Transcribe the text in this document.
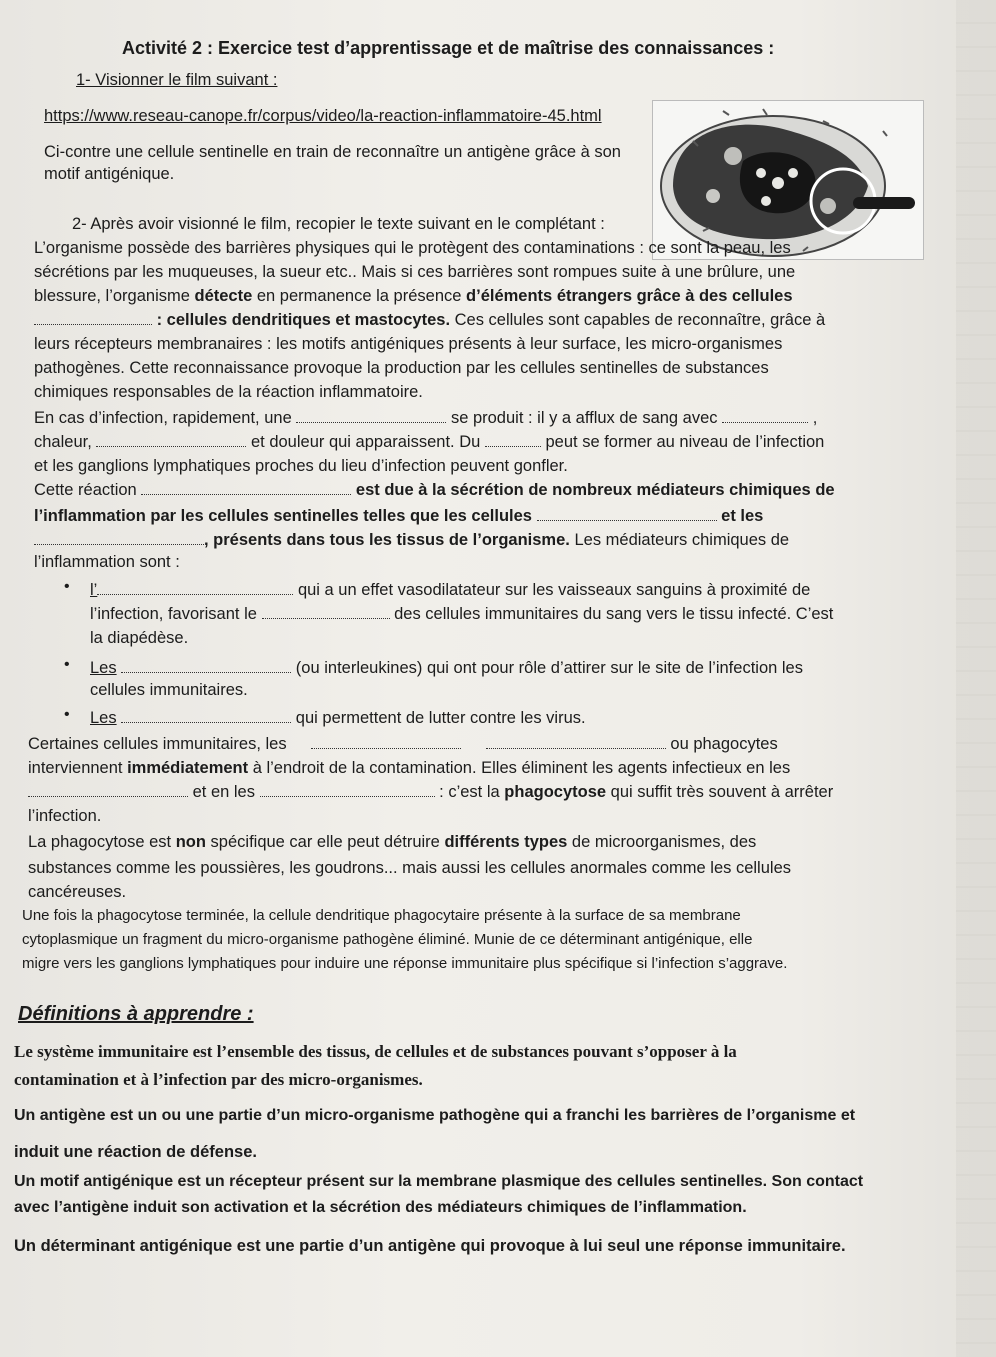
Activité 2 : Exercice test d’apprentissage et de maîtrise des connaissances :
1- Visionner le film suivant :
https://www.reseau-canope.fr/corpus/video/la-reaction-inflammatoire-45.html
Ci-contre une cellule sentinelle en train de reconnaître un antigène grâce à son
motif antigénique.
2- Après avoir visionné le film, recopier le texte suivant en le complétant :
L’organisme possède des barrières physiques qui le protègent des contaminations : ce sont la peau, les
sécrétions par les muqueuses, la sueur etc.. Mais si ces barrières sont rompues suite à une brûlure, une
blessure, l’organisme détecte en permanence la présence d’éléments étrangers grâce à des cellules
: cellules dendritiques et mastocytes. Ces cellules sont capables de reconnaître, grâce à
leurs récepteurs membranaires : les motifs antigéniques présents à leur surface, les micro-organismes
pathogènes. Cette reconnaissance provoque la production par les cellules sentinelles de substances
chimiques responsables de la réaction inflammatoire.
En cas d’infection, rapidement, une	se produit : il y a afflux de sang avec	,
chaleur,	et douleur qui apparaissent. Du	peut se former au niveau de l’infection
et les ganglions lymphatiques proches du lieu d’infection peuvent gonfler.
Cette réaction	est due à la sécrétion de nombreux médiateurs chimiques de
l’inflammation par les cellules sentinelles telles que les cellules	et les
, présents dans tous les tissus de l’organisme. Les médiateurs chimiques de
l’inflammation sont :
• l’	qui a un effet vasodilatateur sur les vaisseaux sanguins à proximité de
l’infection, favorisant le	des cellules immunitaires du sang vers le tissu infecté. C’est
la diapédèse.
• Les	(ou interleukines) qui ont pour rôle d’attirer sur le site de l’infection les
cellules immunitaires.
• Les	qui permettent de lutter contre les virus.
Certaines cellules immunitaires, les	ou phagocytes
interviennent immédiatement à l’endroit de la contamination. Elles éliminent les agents infectieux en les
et en les	: c’est la phagocytose qui suffit très souvent à arrêter
l’infection.
La phagocytose est non spécifique car elle peut détruire différents types de microorganismes, des
substances comme les poussières, les goudrons... mais aussi les cellules anormales comme les cellules
cancéreuses.
Une fois la phagocytose terminée, la cellule dendritique phagocytaire présente à la surface de sa membrane
cytoplasmique un fragment du micro-organisme pathogène éliminé. Munie de ce déterminant antigénique, elle
migre vers les ganglions lymphatiques pour induire une réponse immunitaire plus spécifique si l’infection s’aggrave.
Définitions à apprendre :
Le système immunitaire est l’ensemble des tissus, de cellules et de substances pouvant s’opposer à la
contamination et à l’infection par des micro-organismes.
Un antigène est un ou une partie d’un micro-organisme pathogène qui a franchi les barrières de l’organisme et
induit une réaction de défense.
Un motif antigénique est un récepteur présent sur la membrane plasmique des cellules sentinelles. Son contact
avec l’antigène induit son activation et la sécrétion des médiateurs chimiques de l’inflammation.
Un déterminant antigénique est une partie d’un antigène qui provoque à lui seul une réponse immunitaire.
